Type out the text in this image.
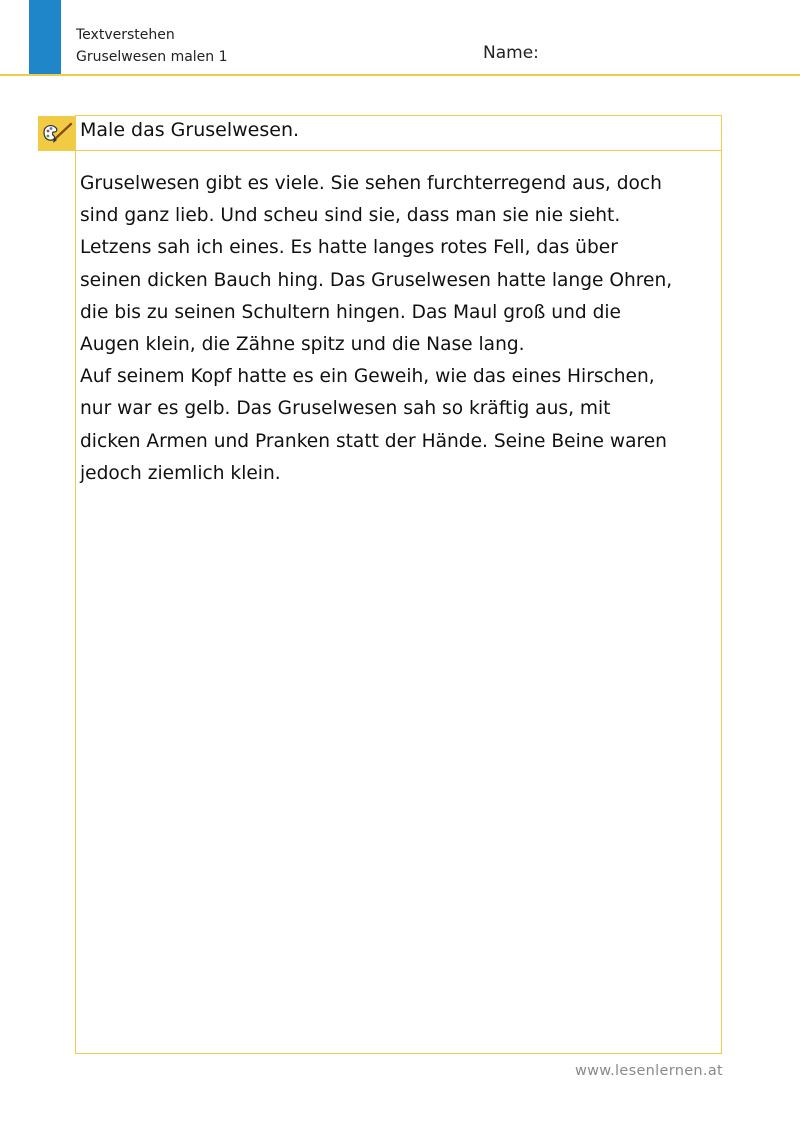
Textverstehen
Gruselwesen malen 1	Name:
Male das Gruselwesen.
Gruselwesen gibt es viele. Sie sehen furchterregend aus, doch
sind ganz lieb. Und scheu sind sie, dass man sie nie sieht.
Letzens sah ich eines. Es hatte langes rotes Fell, das über
seinen dicken Bauch hing. Das Gruselwesen hatte lange Ohren,
die bis zu seinen Schultern hingen. Das Maul groß und die
Augen klein, die Zähne spitz und die Nase lang.
Auf seinem Kopf hatte es ein Geweih, wie das eines Hirschen,
nur war es gelb. Das Gruselwesen sah so kräftig aus, mit
dicken Armen und Pranken statt der Hände. Seine Beine waren
jedoch ziemlich klein.
www.lesenlernen.at
